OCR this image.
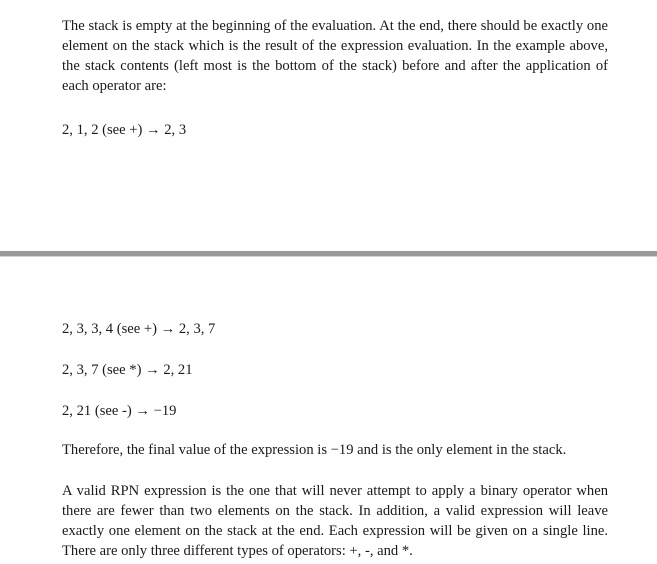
The stack is empty at the beginning of the evaluation. At the end, there should be exactly one element on the stack which is the result of the expression evaluation. In the example above, the stack contents (left most is the bottom of the stack) before and after the application of each operator are:

2, 1, 2 (see +) → 2, 3

2, 3, 3, 4 (see +) → 2, 3, 7

2, 3, 7 (see *) → 2, 21

2, 21 (see -) → −19

Therefore, the final value of the expression is −19 and is the only element in the stack.

A valid RPN expression is the one that will never attempt to apply a binary operator when there are fewer than two elements on the stack. In addition, a valid expression will leave exactly one element on the stack at the end. Each expression will be given on a single line. There are only three different types of operators: +, -, and *.
